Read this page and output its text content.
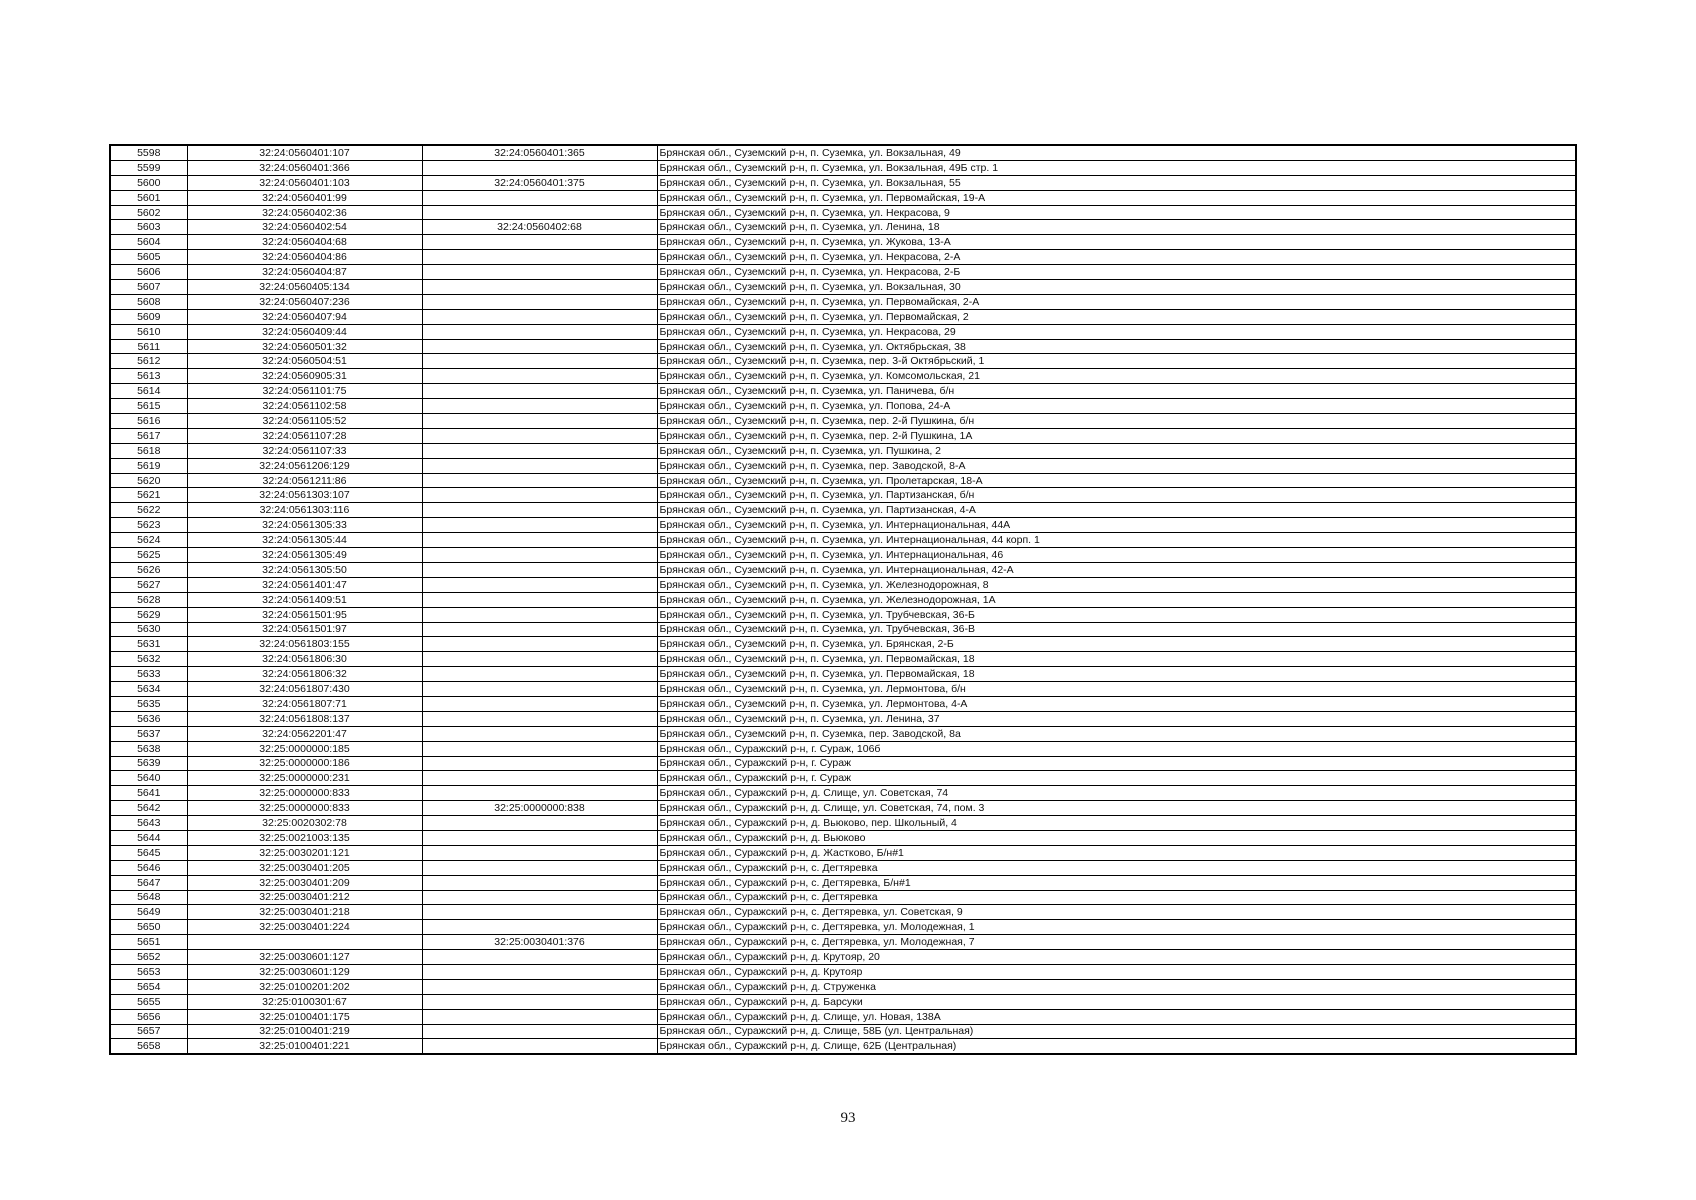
5598	32:24:0560401:107	32:24:0560401:365	Брянская обл., Суземский р-н, п. Суземка, ул. Вокзальная, 49
5599	32:24:0560401:366		Брянская обл., Суземский р-н, п. Суземка, ул. Вокзальная, 49Б стр. 1
5600	32:24:0560401:103	32:24:0560401:375	Брянская обл., Суземский р-н, п. Суземка, ул. Вокзальная, 55
5601	32:24:0560401:99		Брянская обл., Суземский р-н, п. Суземка, ул. Первомайская, 19-А
5602	32:24:0560402:36		Брянская обл., Суземский р-н, п. Суземка, ул. Некрасова, 9
5603	32:24:0560402:54	32:24:0560402:68	Брянская обл., Суземский р-н, п. Суземка, ул. Ленина, 18
5604	32:24:0560404:68		Брянская обл., Суземский р-н, п. Суземка, ул. Жукова, 13-А
5605	32:24:0560404:86		Брянская обл., Суземский р-н, п. Суземка, ул. Некрасова, 2-А
5606	32:24:0560404:87		Брянская обл., Суземский р-н, п. Суземка, ул. Некрасова, 2-Б
5607	32:24:0560405:134		Брянская обл., Суземский р-н, п. Суземка, ул. Вокзальная, 30
5608	32:24:0560407:236		Брянская обл., Суземский р-н, п. Суземка, ул. Первомайская, 2-А
5609	32:24:0560407:94		Брянская обл., Суземский р-н, п. Суземка, ул. Первомайская, 2
5610	32:24:0560409:44		Брянская обл., Суземский р-н, п. Суземка, ул. Некрасова, 29
5611	32:24:0560501:32		Брянская обл., Суземский р-н, п. Суземка, ул. Октябрьская, 38
5612	32:24:0560504:51		Брянская обл., Суземский р-н, п. Суземка, пер. 3-й Октябрьский, 1
5613	32:24:0560905:31		Брянская обл., Суземский р-н, п. Суземка, ул. Комсомольская, 21
5614	32:24:0561101:75		Брянская обл., Суземский р-н, п. Суземка, ул. Паничева, б/н
5615	32:24:0561102:58		Брянская обл., Суземский р-н, п. Суземка, ул. Попова, 24-А
5616	32:24:0561105:52		Брянская обл., Суземский р-н, п. Суземка, пер. 2-й Пушкина, б/н
5617	32:24:0561107:28		Брянская обл., Суземский р-н, п. Суземка, пер. 2-й Пушкина, 1А
5618	32:24:0561107:33		Брянская обл., Суземский р-н, п. Суземка, ул. Пушкина, 2
5619	32:24:0561206:129		Брянская обл., Суземский р-н, п. Суземка, пер. Заводской, 8-А
5620	32:24:0561211:86		Брянская обл., Суземский р-н, п. Суземка, ул. Пролетарская, 18-А
5621	32:24:0561303:107		Брянская обл., Суземский р-н, п. Суземка, ул. Партизанская, б/н
5622	32:24:0561303:116		Брянская обл., Суземский р-н, п. Суземка, ул. Партизанская, 4-А
5623	32:24:0561305:33		Брянская обл., Суземский р-н, п. Суземка, ул. Интернациональная, 44А
5624	32:24:0561305:44		Брянская обл., Суземский р-н, п. Суземка, ул. Интернациональная, 44 корп. 1
5625	32:24:0561305:49		Брянская обл., Суземский р-н, п. Суземка, ул. Интернациональная, 46
5626	32:24:0561305:50		Брянская обл., Суземский р-н, п. Суземка, ул. Интернациональная, 42-А
5627	32:24:0561401:47		Брянская обл., Суземский р-н, п. Суземка, ул. Железнодорожная, 8
5628	32:24:0561409:51		Брянская обл., Суземский р-н, п. Суземка, ул. Железнодорожная, 1А
5629	32:24:0561501:95		Брянская обл., Суземский р-н, п. Суземка, ул. Трубчевская, 36-Б
5630	32:24:0561501:97		Брянская обл., Суземский р-н, п. Суземка, ул. Трубчевская, 36-В
5631	32:24:0561803:155		Брянская обл., Суземский р-н, п. Суземка, ул. Брянская, 2-Б
5632	32:24:0561806:30		Брянская обл., Суземский р-н, п. Суземка, ул. Первомайская, 18
5633	32:24:0561806:32		Брянская обл., Суземский р-н, п. Суземка, ул. Первомайская, 18
5634	32:24:0561807:430		Брянская обл., Суземский р-н, п. Суземка, ул. Лермонтова, б/н
5635	32:24:0561807:71		Брянская обл., Суземский р-н, п. Суземка, ул. Лермонтова, 4-А
5636	32:24:0561808:137		Брянская обл., Суземский р-н, п. Суземка, ул. Ленина, 37
5637	32:24:0562201:47		Брянская обл., Суземский р-н, п. Суземка, пер. Заводской, 8а
5638	32:25:0000000:185		Брянская обл., Суражский р-н, г. Сураж, 106б
5639	32:25:0000000:186		Брянская обл., Суражский р-н, г. Сураж
5640	32:25:0000000:231		Брянская обл., Суражский р-н, г. Сураж
5641	32:25:0000000:833		Брянская обл., Суражский р-н, д. Слище, ул. Советская, 74
5642	32:25:0000000:833	32:25:0000000:838	Брянская обл., Суражский р-н, д. Слище, ул. Советская, 74, пом. 3
5643	32:25:0020302:78		Брянская обл., Суражский р-н, д. Вьюково, пер. Школьный, 4
5644	32:25:0021003:135		Брянская обл., Суражский р-н, д. Вьюково
5645	32:25:0030201:121		Брянская обл., Суражский р-н, д. Жастково, Б/н#1
5646	32:25:0030401:205		Брянская обл., Суражский р-н, с. Дегтяревка
5647	32:25:0030401:209		Брянская обл., Суражский р-н, с. Дегтяревка, Б/н#1
5648	32:25:0030401:212		Брянская обл., Суражский р-н, с. Дегтяревка
5649	32:25:0030401:218		Брянская обл., Суражский р-н, с. Дегтяревка, ул. Советская, 9
5650	32:25:0030401:224		Брянская обл., Суражский р-н, с. Дегтяревка, ул. Молодежная, 1
5651		32:25:0030401:376	Брянская обл., Суражский р-н, с. Дегтяревка, ул. Молодежная, 7
5652	32:25:0030601:127		Брянская обл., Суражский р-н, д. Крутояр, 20
5653	32:25:0030601:129		Брянская обл., Суражский р-н, д. Крутояр
5654	32:25:0100201:202		Брянская обл., Суражский р-н, д. Струженка
5655	32:25:0100301:67		Брянская обл., Суражский р-н, д. Барсуки
5656	32:25:0100401:175		Брянская обл., Суражский р-н, д. Слище, ул. Новая, 138А
5657	32:25:0100401:219		Брянская обл., Суражский р-н, д. Слище, 58Б (ул. Центральная)
5658	32:25:0100401:221		Брянская обл., Суражский р-н, д. Слище, 62Б (Центральная)
93
